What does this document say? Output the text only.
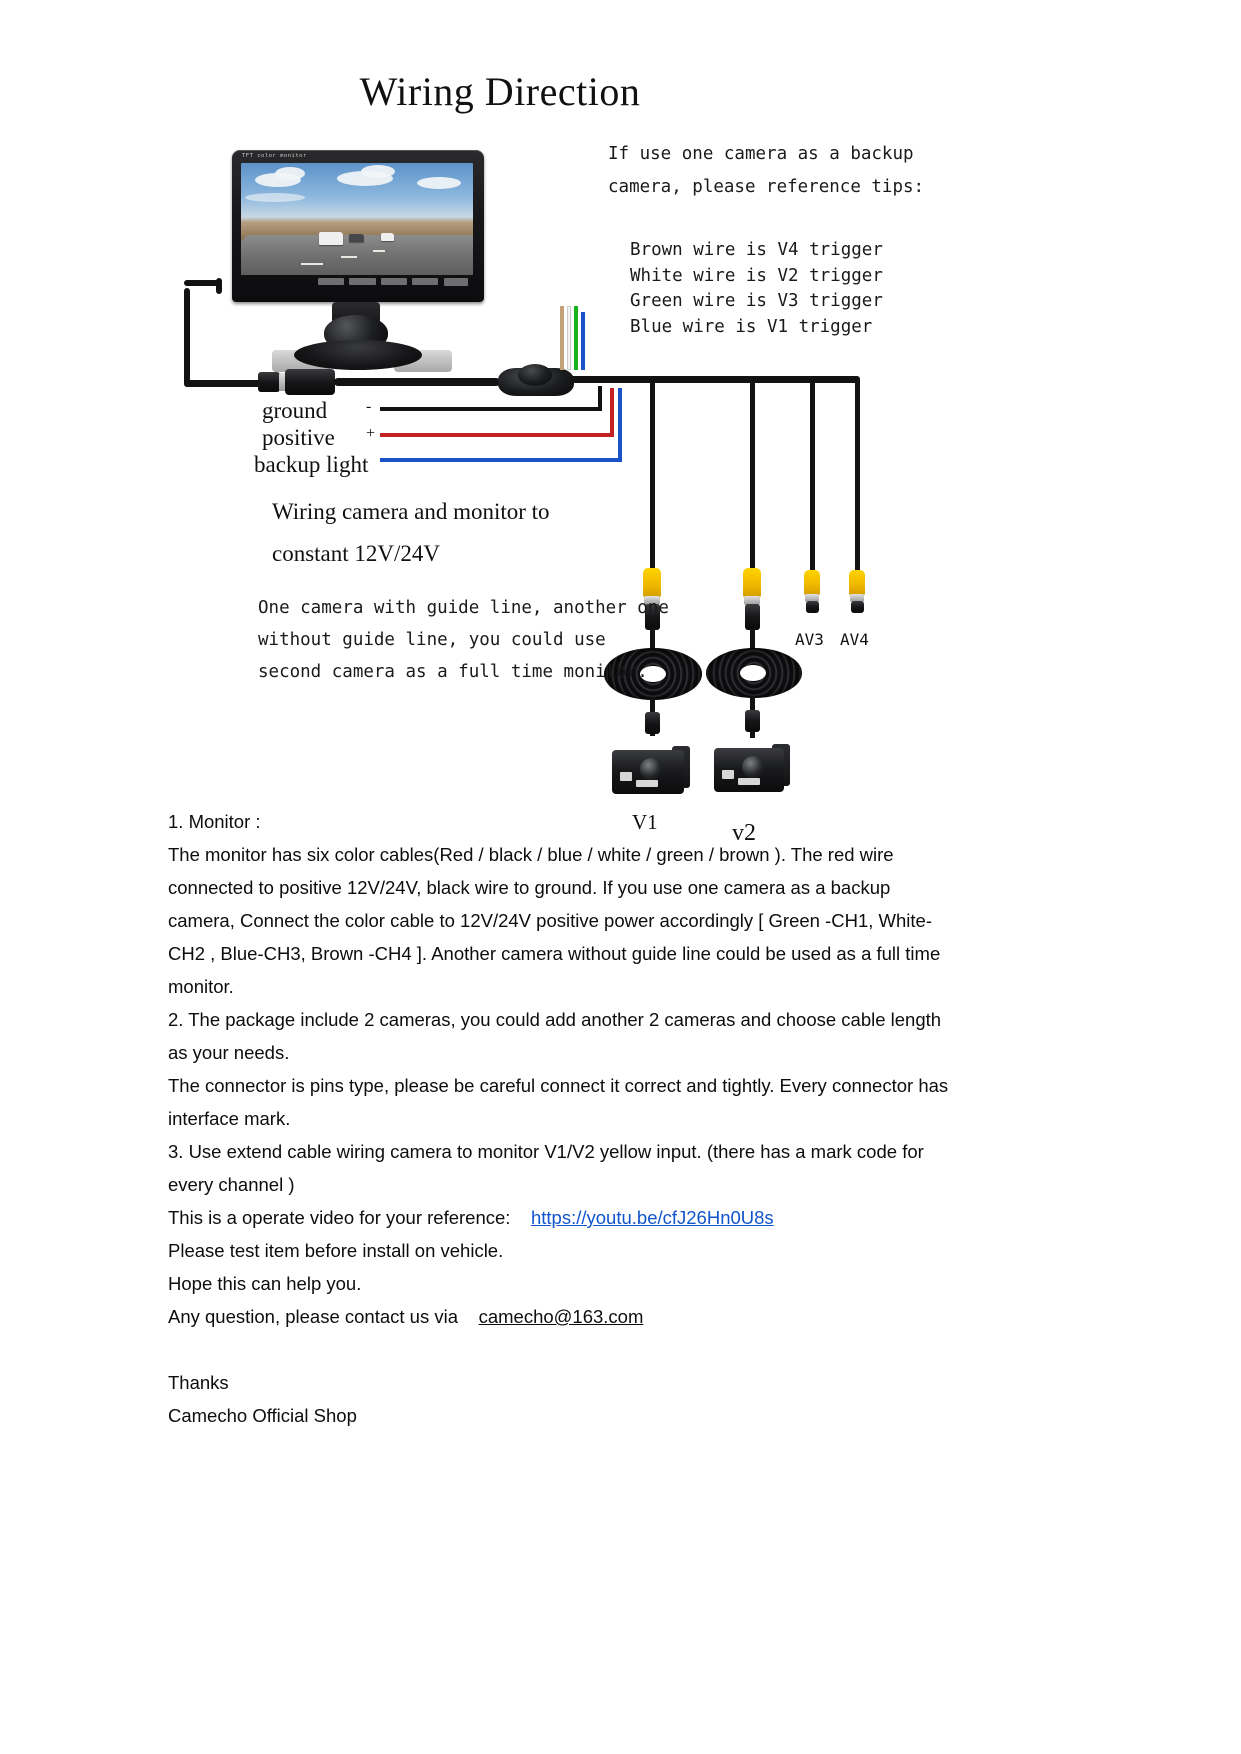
Wiring Direction
TFT color monitor
-
+
ground
positive
backup light
V1	v2
AV3 AV4
If use one camera as a backup
camera, please reference tips:
Brown wire is V4 trigger
White wire is V2 trigger
Green wire is V3 trigger
Blue wire is V1 trigger
Wiring camera and monitor to
constant 12V/24V
One camera with guide line, another one
without guide line, you could use
second camera as a full time monitor.

1. Monitor :

The monitor has six color cables(Red / black / blue / white / green / brown ). The red wire connected to positive 12V/24V, black wire to ground. If you use one camera as a backup camera, Connect the color cable to 12V/24V positive power accordingly [ Green -CH1, White- CH2 , Blue-CH3, Brown -CH4 ]. Another camera without guide line could be used as a full time monitor.

2. The package include 2 cameras, you could add another 2 cameras and choose cable length as your needs.

The connector is pins type, please be careful connect it correct and tightly. Every connector has interface mark.

3. Use extend cable wiring camera to monitor V1/V2 yellow input. (there has a mark code for every channel )

This is a operate video for your reference: https://youtu.be/cfJ26Hn0U8s

Please test item before install on vehicle.

Hope this can help you.

Any question, please contact us via camecho@163.com

Thanks

Camecho Official Shop
